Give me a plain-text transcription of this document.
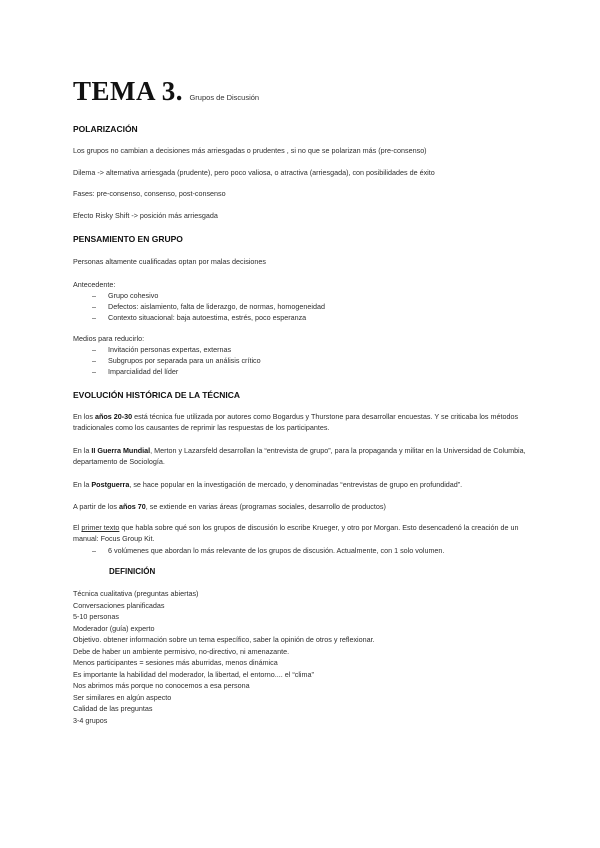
TEMA 3. Grupos de Discusión
POLARIZACIÓN
Los grupos no cambian a decisiones más arriesgadas o prudentes , si no que se polarizan más (pre-consenso)
Dilema -> alternativa arriesgada (prudente), pero poco valiosa, o atractiva (arriesgada), con posibilidades de éxito
Fases: pre-consenso, consenso, post-consenso
Efecto Risky Shift -> posición más arriesgada
PENSAMIENTO EN GRUPO
Personas altamente cualificadas optan por malas decisiones
Antecedente:
– Grupo cohesivo
– Defectos: aislamiento, falta de liderazgo, de normas, homogeneidad
– Contexto situacional: baja autoestima, estrés, poco esperanza
Medios para reducirlo:
– Invitación personas expertas, externas
– Subgrupos por separada para un análisis crítico
– Imparcialidad del líder
EVOLUCIÓN HISTÓRICA DE LA TÉCNICA
En los años 20-30 está técnica fue utilizada por autores como Bogardus y Thurstone para desarrollar encuestas. Y se criticaba los métodos tradicionales como los causantes de reprimir las respuestas de los participantes.
En la II Guerra Mundial, Merton y Lazarsfeld desarrollan la “entrevista de grupo”, para la propaganda y militar en la Universidad de Columbia, departamento de Sociología.
En la Postguerra, se hace popular en la investigación de mercado, y denominadas “entrevistas de grupo en profundidad”.
A partir de los años 70, se extiende en varias áreas (programas sociales, desarrollo de productos)
El primer texto que habla sobre qué son los grupos de discusión lo escribe Krueger, y otro por Morgan. Esto desencadenó la creación de un manual: Focus Group Kit.
– 6 volúmenes que abordan lo más relevante de los grupos de discusión. Actualmente, con 1 solo volumen.
DEFINICIÓN
Técnica cualitativa (preguntas abiertas)
Conversaciones planificadas
5-10 personas
Moderador (guía) experto
Objetivo. obtener información sobre un tema específico, saber la opinión de otros y reflexionar.
Debe de haber un ambiente permisivo, no-directivo, ni amenazante.
Menos participantes = sesiones más aburridas, menos dinámica
Es importante la habilidad del moderador, la libertad, el entorno.... el “clima”
Nos abrimos más porque no conocemos a esa persona
Ser similares en algún aspecto
Calidad de las preguntas
3-4 grupos
